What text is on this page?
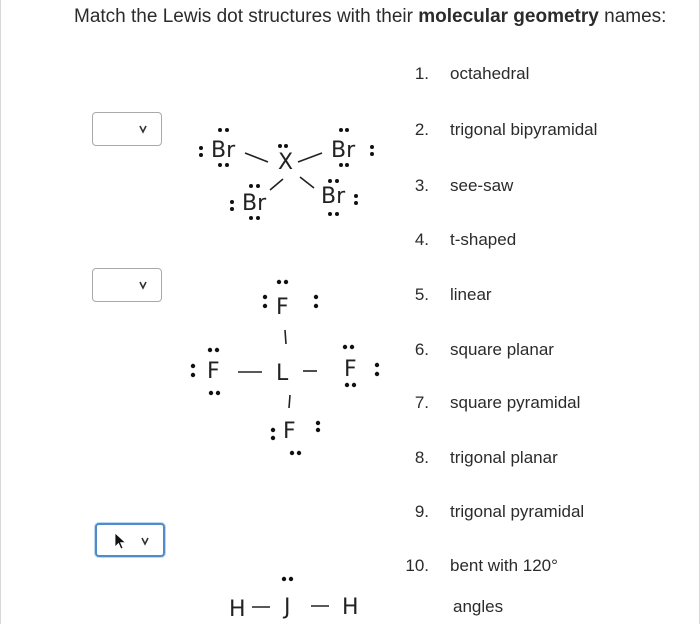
Match the Lewis dot structures with their molecular geometry names:
Br X Br
Br Br
F
F	L	F
F
H J H
1. octahedral
2. trigonal bipyramidal
3. see-saw
4. t-shaped
5. linear
6. square planar
7. square pyramidal
8. trigonal planar
9. trigonal pyramidal
10. bent with 120°
angles
